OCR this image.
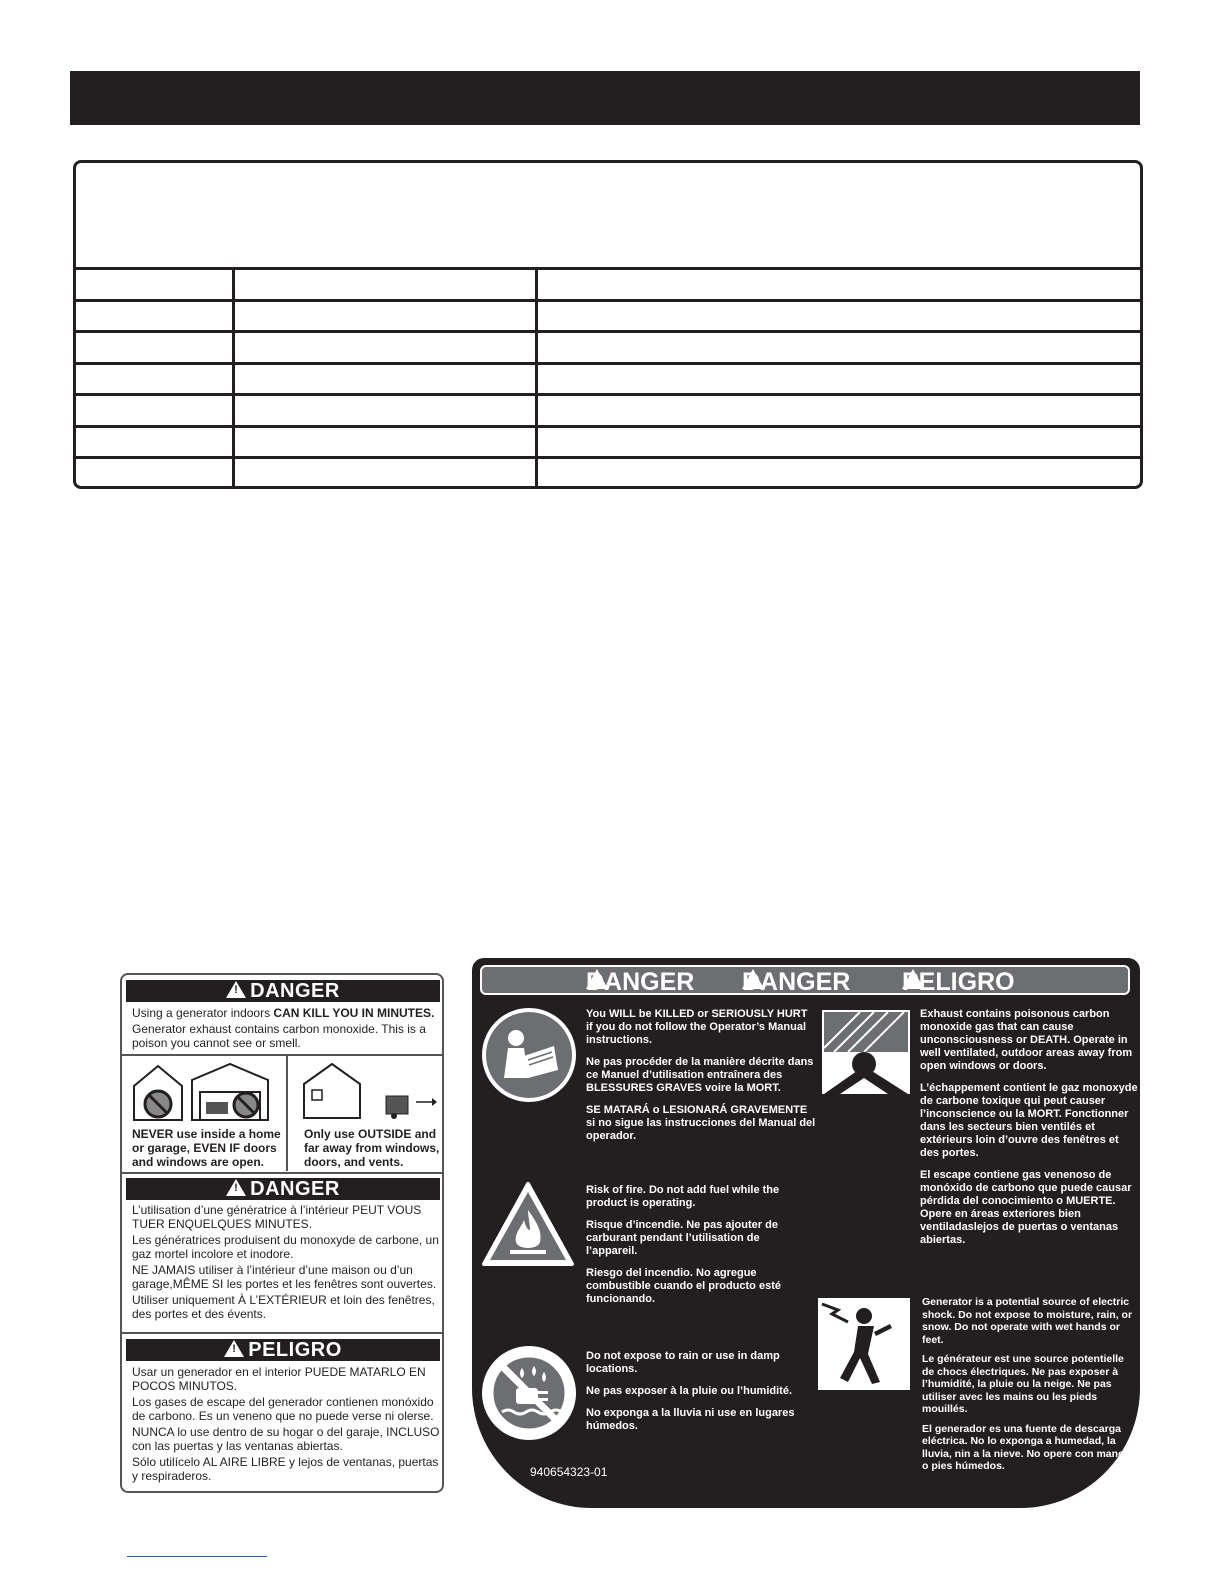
! DANGER

Using a generator indoors CAN KILL YOU IN MINUTES.

Generator exhaust contains carbon monoxide. This is a poison you cannot see or smell.

NEVER use inside a home or garage, EVEN IF doors and windows are open.

Only use OUTSIDE and far away from windows, doors, and vents.

! DANGER

L’utilisation d’une génératrice à l’intérieur PEUT VOUS TUER ENQUELQUES MINUTES.

Les génératrices produisent du monoxyde de carbone, un gaz mortel incolore et inodore.

NE JAMAIS utiliser à l’intérieur d’une maison ou d’un garage,MÊME SI les portes et les fenêtres sont ouvertes.

Utiliser uniquement À L’EXTÉRIEUR et loin des fenêtres, des portes et des évents.

! PELIGRO

Usar un generador en el interior PUEDE MATARLO EN POCOS MINUTOS.

Los gases de escape del generador contienen monóxido de carbono. Es un veneno que no puede verse ni olerse.

NUNCA lo use dentro de su hogar o del garaje, INCLUSO con las puertas y las ventanas abiertas.

Sólo utilícelo AL AIRE LIBRE y lejos de ventanas, puertas y respiraderos.

DANGER DANGER PELIGRO

You WILL be KILLED or SERIOUSLY HURT if you do not follow the Operator’s Manual instructions.

Ne pas procéder de la manière décrite dans ce Manuel d’utilisation entraînera des BLESSURES GRAVES voire la MORT.

SE MATARÁ o LESIONARÁ GRAVEMENTE si no sigue las instrucciones del Manual del operador.

Risk of fire. Do not add fuel while the product is operating.

Risque d’incendie. Ne pas ajouter de carburant pendant l’utilisation de l’appareil.

Riesgo del incendio. No agregue combustible cuando el producto esté funcionando.

Do not expose to rain or use in damp locations.

Ne pas exposer à la pluie ou l’humidité.

No exponga a la lluvia ni use en lugares húmedos.

Exhaust contains poisonous carbon monoxide gas that can cause unconsciousness or DEATH. Operate in well ventilated, outdoor areas away from open windows or doors.

L’échappement contient le gaz monoxyde de carbone toxique qui peut causer l’inconscience ou la MORT. Fonctionner dans les secteurs bien ventilés et extérieurs loin d’ouvre des fenêtres et des portes.

El escape contiene gas venenoso de monóxido de carbono que puede causar pérdida del conocimiento o MUERTE. Opere en áreas exteriores bien ventiladaslejos de puertas o ventanas abiertas.

Generator is a potential source of electric shock. Do not expose to moisture, rain, or snow. Do not operate with wet hands or feet.

Le générateur est une source potentielle de chocs électriques. Ne pas exposer à l’humidité, la pluie ou la neige. Ne pas utiliser avec les mains ou les pieds mouillés.

El generador es una fuente de descarga eléctrica. No lo exponga a humedad, la lluvia, nin a la nieve. No opere con manos o pies húmedos.

940654323-01
